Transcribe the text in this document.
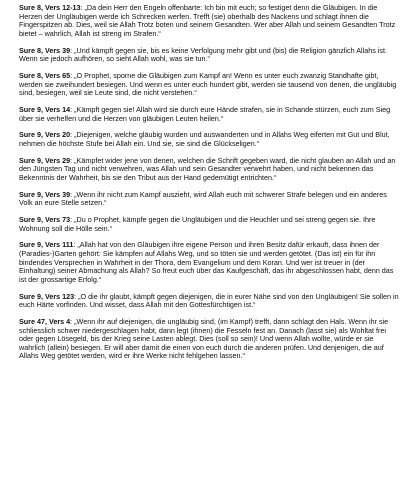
Sure 8, Vers 12-13: „Da dein Herr den Engeln offenbarte: Ich bin mit euch; so festiget denn die Gläubigen. In die Herzen der Ungläubigen werde ich Schrecken werfen. Trefft (sie) oberhalb des Nackens und schlagt ihnen die Fingerspitzen ab. Dies, weil sie Allah Trotz boten und seinem Gesandten. Wer aber Allah und seinem Gesandten Trotz bietet – wahrlich, Allah ist streng im Strafen.“

Sure 8, Vers 39: „Und kämpft gegen sie, bis es keine Verfolgung mehr gibt und (bis) die Religion gänzlich Allahs ist. Wenn sie jedoch aufhören, so sieht Allah wohl, was sie tun.“

Sure 8, Vers 65: „O Prophet, sporne die Gläubigen zum Kampf an! Wenn es unter euch zwanzig Standhafte gibt, werden sie zweihundert besiegen. Und wenn es unter euch hundert gibt, werden sie tausend von denen, die ungläubig sind, besiegen, weil sie Leute sind, die nicht verstehen.“

Sure 9, Vers 14: „Kämpft gegen sie! Allah wird sie durch eure Hände strafen, sie in Schande stürzen, euch zum Sieg über sie verhelfen und die Herzen von gläubigen Leuten heilen.“

Sure 9, Vers 20: „Diejenigen, welche gläubig wurden und auswanderten und in Allahs Weg eiferten mit Gut und Blut, nehmen die höchste Stufe bei Allah ein. Und sie, sie sind die Glückseligen.“

Sure 9, Vers 29: „Kämpfet wider jene von denen, welchen die Schrift gegeben ward, die nicht glauben an Allah und an den Jüngsten Tag und nicht verwehren, was Allah und sein Gesandter verwehrt haben, und nicht bekennen das Bekenntnis der Wahrheit, bis sie den Tribut aus der Hand gedemütigt entrichten.“

Sure 9, Vers 39: „Wenn ihr nicht zum Kampf auszieht, wird Allah euch mit schwerer Strafe belegen und ein anderes Volk an eure Stelle setzen.“

Sure 9, Vers 73: „Du o Prophet, kämpfe gegen die Ungläubigen und die Heuchler und sei streng gegen sie. Ihre Wohnung soll die Hölle sein.“

Sure 9, Vers 111: „Allah hat von den Gläubigen ihre eigene Person und ihren Besitz dafür erkauft, dass ihnen der (Paradies-)Garten gehört: Sie kämpfen auf Allahs Weg, und so töten sie und werden getötet. (Das ist) ein für ihn bindendes Versprechen in Wahrheit in der Thora, dem Evangelium und dem Koran. Und wer ist treuer in (der Einhaltung) seiner Abmachung als Allah? So freut euch über das Kaufgeschäft, das ihr abgeschlossen habt, denn das ist der grossartige Erfolg.“

Sure 9, Vers 123: „O die ihr glaubt, kämpft gegen diejenigen, die in eurer Nähe sind von den Ungläubigen! Sie sollen in euch Härte vorfinden. Und wisset, dass Allah mit den Gottesfürchtigen ist.“

Sure 47, Vers 4: „Wenn ihr auf diejenigen, die ungläubig sind, (im Kampf) trefft, dann schlagt den Hals. Wenn ihr sie schliesslich schwer niedergeschlagen habt, dann legt (ihnen) die Fesseln fest an. Danach (lasst sie) als Wohltat frei oder gegen Lösegeld, bis der Krieg seine Lasten ablegt. Dies (soll so sein)! Und wenn Allah wollte, würde er sie wahrlich (allein) besiegen. Er will aber damit die einen von euch durch die anderen prüfen. Und denjenigen, die auf Allahs Weg getötet werden, wird er ihre Werke nicht fehlgehen lassen.“
